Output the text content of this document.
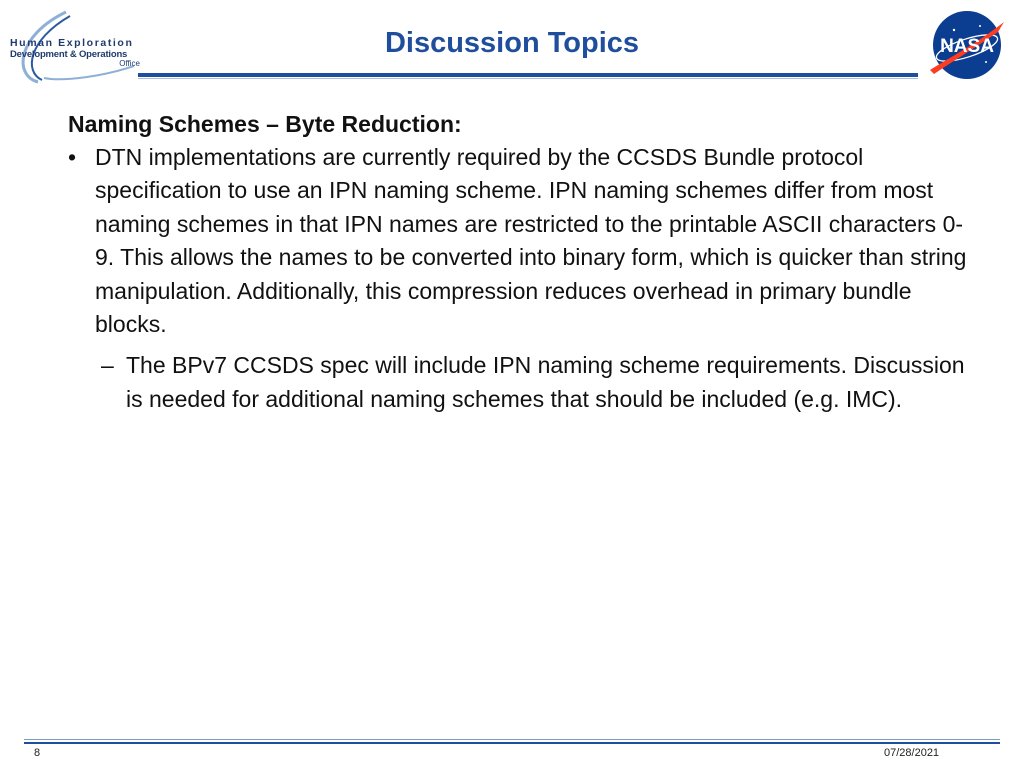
Human Exploration
Development & Operations
Office
Discussion Topics	NASA

Naming Schemes – Byte Reduction:

• DTN implementations are currently required by the CCSDS Bundle protocol specification to use an IPN naming scheme. IPN naming schemes differ from most naming schemes in that IPN names are restricted to the printable ASCII characters 0-9. This allows the names to be converted into binary form, which is quicker than string manipulation. Additionally, this compression reduces overhead in primary bundle blocks.
– The BPv7 CCSDS spec will include IPN naming scheme requirements. Discussion is needed for additional naming schemes that should be included (e.g. IMC).
8	07/28/2021
